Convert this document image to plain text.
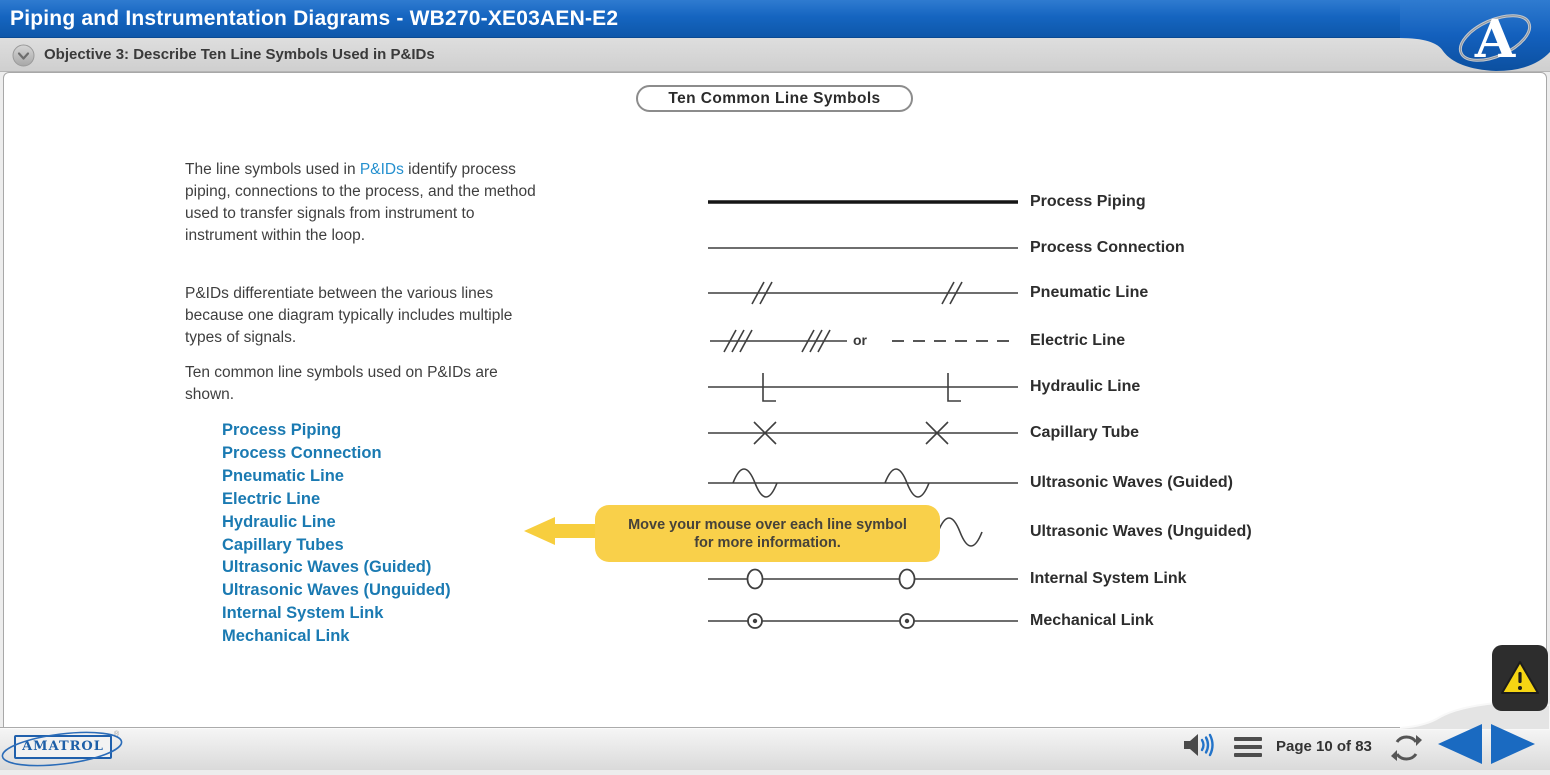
Piping and Instrumentation Diagrams - WB270-XE03AEN-E2
Objective 3: Describe Ten Line Symbols Used in P&IDs	A
Ten Common Line Symbols
The line symbols used in P&IDs identify process piping, connections to the process, and the method used to transfer signals from instrument to instrument within the loop.
P&IDs differentiate between the various lines because one diagram typically includes multiple types of signals.
Ten common line symbols used on P&IDs are shown.
Process Piping
Process Connection
Pneumatic Line
Electric Line
Hydraulic Line
Capillary Tubes
Ultrasonic Waves (Guided)
Ultrasonic Waves (Unguided)
Internal System Link
Mechanical Link
Process Piping
Process Connection
Pneumatic Line
or	Electric Line
Hydraulic Line
Capillary Tube
Ultrasonic Waves (Guided)
Ultrasonic Waves (Unguided)
Internal System Link
Mechanical Link
Move your mouse over each line symbol
for more information.
AMATROL
®
Page 10 of 83
